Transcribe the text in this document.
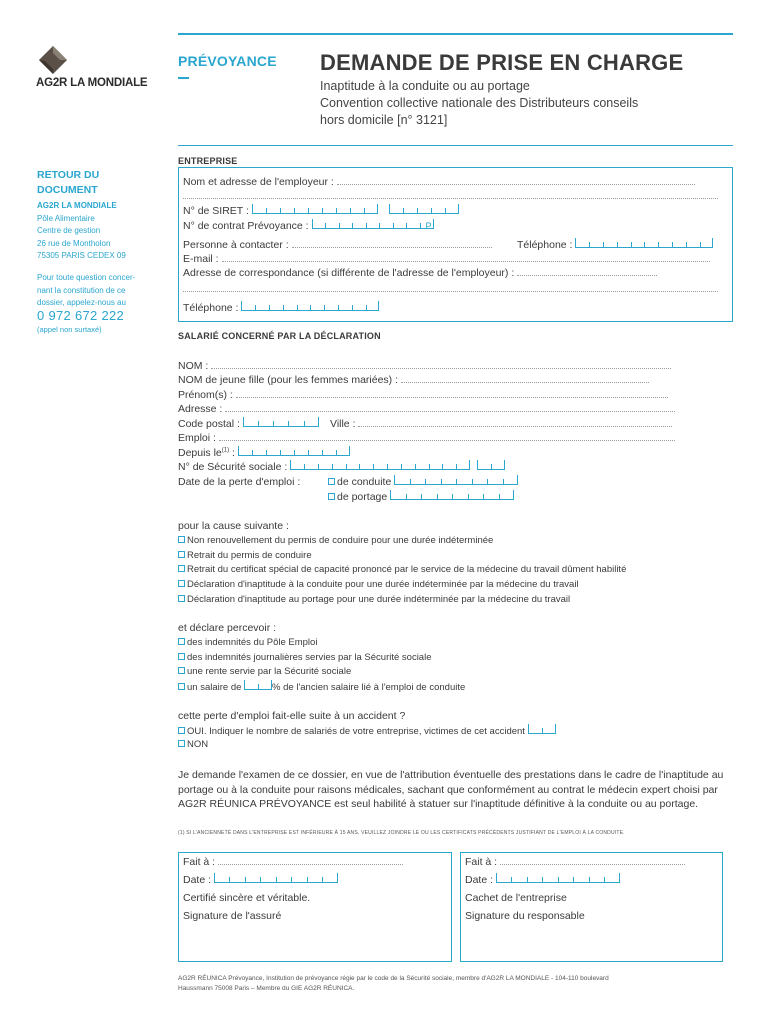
AG2R LA MONDIALE
PRÉVOYANCE DEMANDE DE PRISE EN CHARGE
Inaptitude à la conduite ou au portage
Convention collective nationale des Distributeurs conseils
hors domicile [n° 3121]
RETOUR DU
DOCUMENT
AG2R LA MONDIALE
Pôle Alimentaire
Centre de gestion
26 rue de Montholon
75305 PARIS CEDEX 09
Pour toute question concer-
nant la constitution de ce
dossier, appelez-nous au
0 972 672 222
(appel non surtaxé)
ENTREPRISE
Nom et adresse de l'employeur :
N° de SIRET :

N° de contrat Prévoyance :	P
Personne à contacter :	Téléphone :
E-mail :
Adresse de correspondance (si différente de l'adresse de l'employeur) :
Téléphone :
SALARIÉ CONCERNÉ PAR LA DÉCLARATION
NOM :
NOM de jeune fille (pour les femmes mariées) :
Prénom(s) :
Adresse :
Code postal :	Ville :
Emploi :
Depuis $le^{(1)}$ :
N° de Sécurité sociale :

Date de la perte d'emploi :	de conduite
de portage
pour la cause suivante :
Non renouvellement du permis de conduire pour une durée indéterminée
Retrait du permis de conduire
Retrait du certificat spécial de capacité prononcé par le service de la médecine du travail dûment habilité
Déclaration d'inaptitude à la conduite pour une durée indéterminée par la médecine du travail
Déclaration d'inaptitude au portage pour une durée indéterminée par la médecine du travail
et déclare percevoir :
des indemnités du Pôle Emploi
des indemnités journalières servies par la Sécurité sociale
une rente servie par la Sécurité sociale
un salaire de	% de l'ancien salaire lié à l'emploi de conduite
cette perte d'emploi fait-elle suite à un accident ?
OUI. Indiquer le nombre de salariés de votre entreprise, victimes de cet accident
NON
Je demande l'examen de ce dossier, en vue de l'attribution éventuelle des prestations dans le cadre de l'inaptitude au portage ou à la conduite pour raisons médicales, sachant que conformément au contrat le médecin expert choisi par AG2R RÉUNICA PRÉVOYANCE est seul habilité à statuer sur l'inaptitude définitive à la conduite ou au portage.
(1) SI L'ANCIENNETÉ DANS L'ENTREPRISE EST INFÉRIEURE À 15 ANS, VEUILLEZ JOINDRE LE OU LES CERTIFICATS PRÉCÉDENTS JUSTIFIANT DE L'EMPLOI À LA CONDUITE.
Fait à :
Date :
Certifié sincère et véritable.
Signature de l'assuré
Fait à :
Date :
Cachet de l'entreprise
Signature du responsable
AG2R RÉUNICA Prévoyance, Institution de prévoyance régie par le code de la Sécurité sociale, membre d'AG2R LA MONDIALE - 104-110 boulevard
Haussmann 75008 Paris – Membre du GIE AG2R RÉUNICA.
